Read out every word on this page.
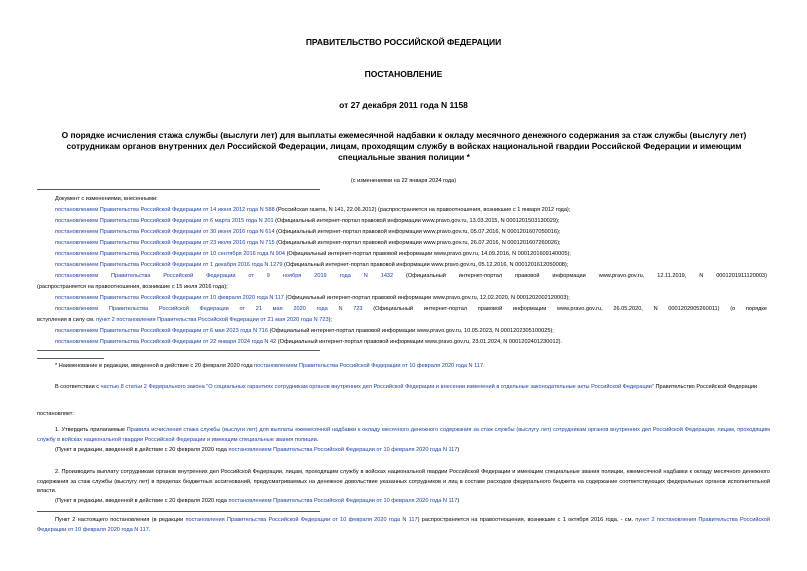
ПРАВИТЕЛЬСТВО РОССИЙСКОЙ ФЕДЕРАЦИИ
ПОСТАНОВЛЕНИЕ
от 27 декабря 2011 года N 1158
О порядке исчисления стажа службы (выслуги лет) для выплаты ежемесячной надбавки к окладу месячного денежного содержания за стаж службы (выслугу лет) сотрудникам органов внутренних дел Российской Федерации, лицам, проходящим службу в войсках национальной гвардии Российской Федерации и имеющим специальные звания полиции *
(с изменениями на 22 января 2024 года)
Документ с изменениями, внесенными:
постановлением Правительства Российской Федерации от 14 июня 2012 года N 588 (Российская газета, N 141, 22.06.2012) (распространяется на правоотношения, возникшие с 1 января 2012 года);
постановлением Правительства Российской Федерации от 6 марта 2015 года N 201 (Официальный интернет-портал правовой информации www.pravo.gov.ru, 13.03.2015, N 0001201503130029);
постановлением Правительства Российской Федерации от 30 июня 2016 года N 614 (Официальный интернет-портал правовой информации www.pravo.gov.ru, 05.07.2016, N 0001201607050016);
постановлением Правительства Российской Федерации от 23 июля 2016 года N 715 (Официальный интернет-портал правовой информации www.pravo.gov.ru, 26.07.2016, N 0001201607260026);
постановлением Правительства Российской Федерации от 10 сентября 2016 года N 904 (Официальный интернет-портал правовой информации www.pravo.gov.ru, 14.09.2016, N 0001201609140005);
постановлением Правительства Российской Федерации от 1 декабря 2016 года N 1279 (Официальный интернет-портал правовой информации www.pravo.gov.ru, 05.12.2016, N 0001201612050008);
постановлением Правительства Российской Федерации от 9 ноября 2019 года N 1432 (Официальный интернет-портал правовой информации www.pravo.gov.ru, 12.11.2019, N 0001201911120003)
(распространяется на правоотношения, возникшие с 15 июля 2016 года);
постановлением Правительства Российской Федерации от 10 февраля 2020 года N 117 (Официальный интернет-портал правовой информации www.pravo.gov.ru, 12.02.2020, N 0001202002120003);
постановлением Правительства Российской Федерации от 21 мая 2020 года N 723 (Официальный интернет-портал правовой информации www.pravo.gov.ru, 26.05.2020, N 0001202005260011) (о порядке
вступления в силу см. пункт 2 постановления Правительства Российской Федерации от 21 мая 2020 года N 723);
постановлением Правительства Российской Федерации от 6 мая 2023 года N 716 (Официальный интернет-портал правовой информации www.pravo.gov.ru, 10.05.2023, N 0001202305100025);
постановлением Правительства Российской Федерации от 22 января 2024 года N 42 (Официальный интернет-портал правовой информации www.pravo.gov.ru, 23.01.2024, N 0001202401230012).
* Наименование в редакции, введенной в действие с 20 февраля 2020 года постановлением Правительства Российской Федерации от 10 февраля 2020 года N 117.
В соответствии с частью 8 статьи 2 Федерального закона "О социальных гарантиях сотрудникам органов внутренних дел Российской Федерации и внесении изменений в отдельные законодательные акты Российской Федерации" Правительство Российской Федерации
постановляет:
1. Утвердить прилагаемые Правила исчисления стажа службы (выслуги лет) для выплаты ежемесячной надбавки к окладу месячного денежного содержания за стаж службы (выслугу лет) сотрудникам органов внутренних дел Российской Федерации, лицам, проходящим службу в войсках национальной гвардии Российской Федерации и имеющим специальные звания полиции.
(Пункт в редакции, введенной в действие с 20 февраля 2020 года постановлением Правительства Российской Федерации от 10 февраля 2020 года N 117)
2. Производить выплату сотрудникам органов внутренних дел Российской Федерации, лицам, проходящим службу в войсках национальной гвардии Российской Федерации и имеющим специальные звания полиции, ежемесячной надбавки к окладу месячного денежного содержания за стаж службы (выслугу лет) в пределах бюджетных ассигнований, предусматриваемых на денежное довольствие указанных сотрудников и лиц в составе расходов федерального бюджета на содержание соответствующих федеральных органов исполнительной власти.
(Пункт в редакции, введенной в действие с 20 февраля 2020 года постановлением Правительства Российской Федерации от 10 февраля 2020 года N 117)
Пункт 2 настоящего постановления (в редакции постановления Правительства Российской Федерации от 10 февраля 2020 года N 117) распространяется на правоотношения, возникшие с 1 октября 2016 года, - см. пункт 2 постановления Правительства Российской Федерации от 10 февраля 2020 года N 117.
